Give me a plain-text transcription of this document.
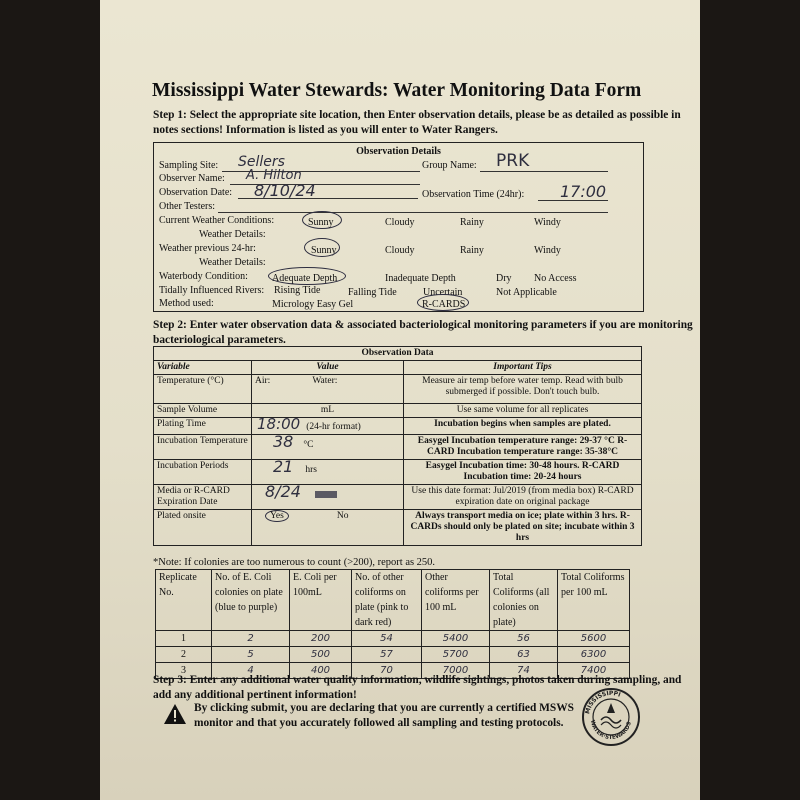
Mississippi Water Stewards: Water Monitoring Data Form
Step 1: Select the appropriate site location, then Enter observation details, please be as detailed as possible in notes sections! Information is listed as you will enter to Water Rangers.
Observation Details
Sampling Site: Sellers	Group Name: PRK
Observer Name: A. Hilton
Observation Date: 8/10/24	Observation Time (24hr): 17:00
Other Testers:
Current Weather Conditions:	Sunny	Cloudy	Rainy	Windy
Weather Details:
Weather previous 24-hr:	Sunny	Cloudy	Rainy	Windy
Weather Details:
Waterbody Condition: Adequate Depth	Inadequate Depth	Dry No Access
Tidally Influenced Rivers: Rising Tide	Falling Tide	Uncertain	Not Applicable
Method used:	Micrology Easy Gel	R-CARDS
Step 2: Enter water observation data & associated bacteriological monitoring parameters if you are monitoring bacteriological parameters.
Observation Data		
Variable	Value	Important Tips
Temperature (°C)	Air: Water:	Measure air temp before water temp. Read with bulb submerged if possible. Don't touch bulb.
Sample Volume	mL	Use same volume for all replicates
Plating Time	18:00 (24-hr format)	Incubation begins when samples are plated.
Incubation Temperature	38 °C	Easygel Incubation temperature range: 29-37 °C R-CARD Incubation temperature range: 35-38°C
Incubation Periods	21 hrs	Easygel Incubation time: 30-48 hours. R-CARD Incubation time: 20-24 hours
Media or R-CARD Expiration Date	8/24	Use this date format: Jul/2019 (from media box) R-CARD expiration date on original package
Plated onsite	Yes No	Always transport media on ice; plate within 3 hrs. R-CARDs should only be plated on site; incubate within 3 hrs
*Note: If colonies are too numerous to count (>200), report as 250.
Replicate No.	No. of E. Coli colonies on plate (blue to purple)	E. Coli per 100mL	No. of other coliforms on plate (pink to dark red)	Other coliforms per 100 mL	Total Coliforms (all colonies on plate)	Total Coliforms per 100 mL
1	2	200	54	5400	56	5600
2	5	500	57	5700	63	6300
3	4	400	70	7000	74	7400
Step 3: Enter any additional water quality information, wildlife sightings, photos taken during sampling, and add any additional pertinent information!
By clicking submit, you are declaring that you are currently a certified MSWS monitor and that you accurately followed all sampling and testing protocols.
MISSISSIPPI
WATER·STEWARDS
